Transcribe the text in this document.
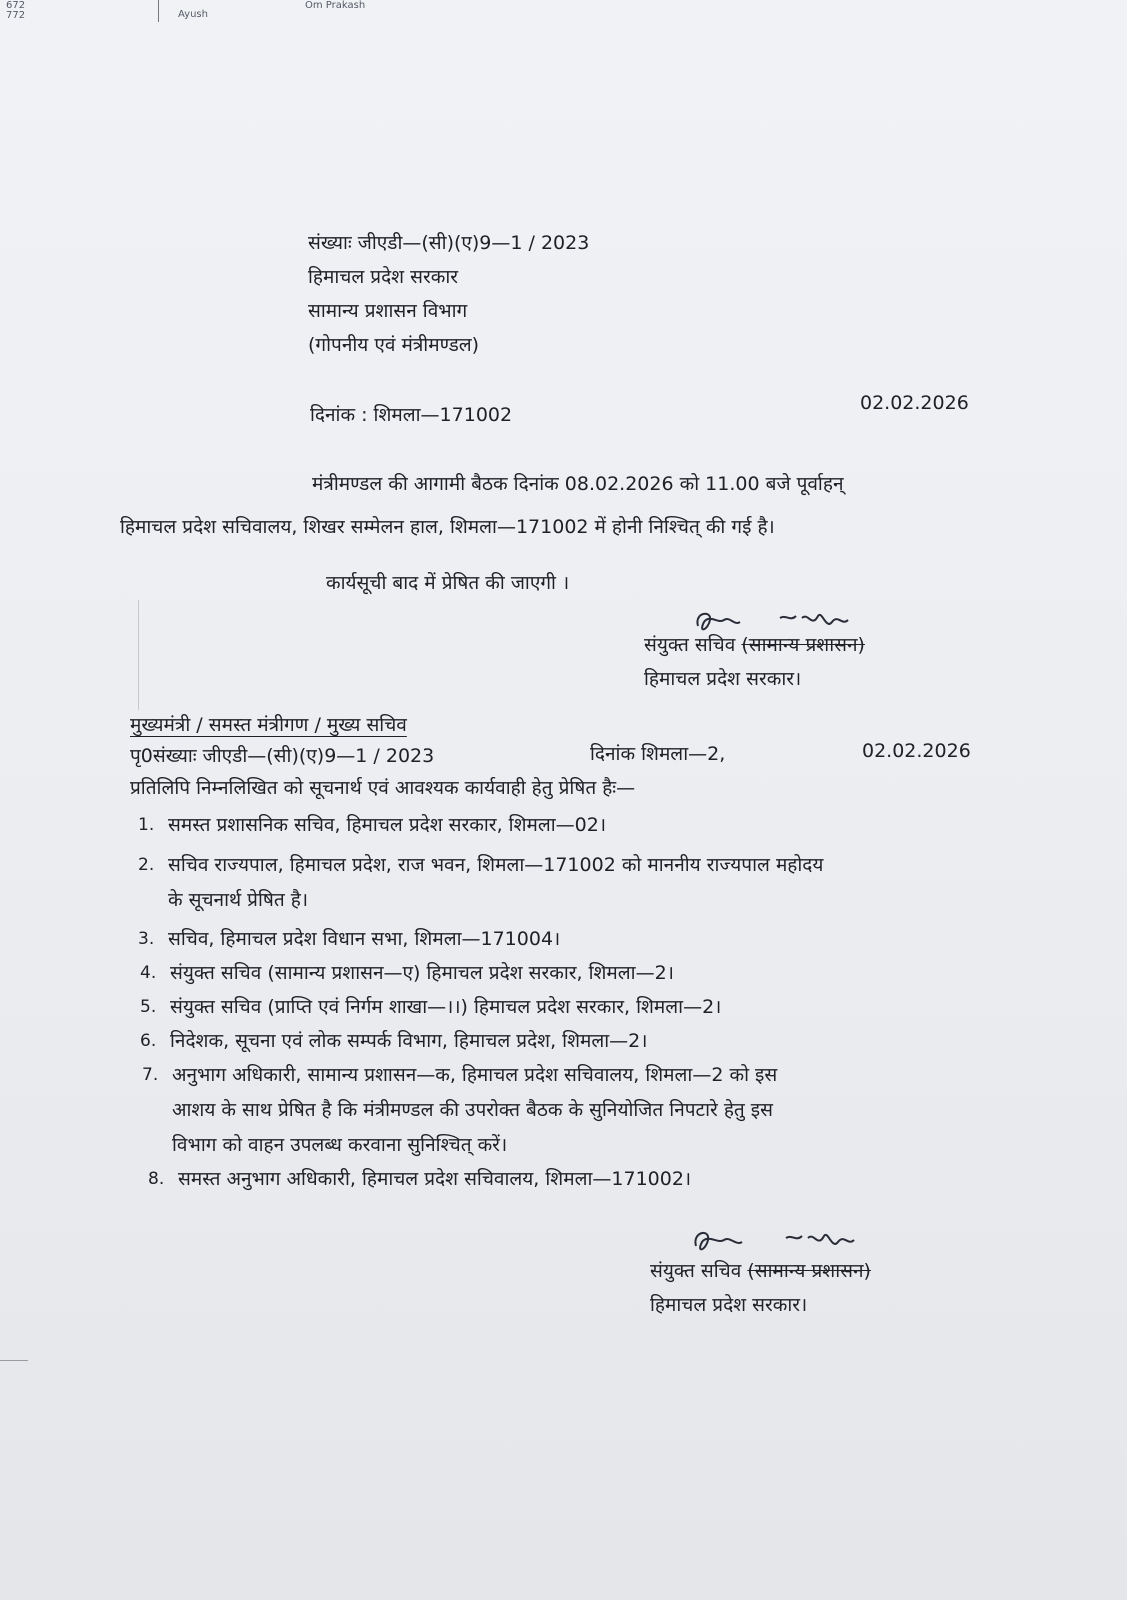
672
772	Ayush
Om Prakash
संख्याः जीएडी—(सी)(ए)9—1 / 2023
हिमाचल प्रदेश सरकार
सामान्य प्रशासन विभाग
(गोपनीय एवं मंत्रीमण्डल)
दिनांक : शिमला—171002
02.02.2026
मंत्रीमण्डल की आगामी बैठक दिनांक 08.02.2026 को 11.00 बजे पूर्वाहन्
हिमाचल प्रदेश सचिवालय, शिखर सम्मेलन हाल, शिमला—171002 में होनी निश्चित् की गई है।
कार्यसूची बाद में प्रेषित की जाएगी ।
संयुक्त सचिव (सामान्य प्रशासन)
हिमाचल प्रदेश सरकार।
मुख्यमंत्री / समस्त मंत्रीगण / मुख्य सचिव
पृ0संख्याः जीएडी—(सी)(ए)9—1 / 2023	दिनांक शिमला—2,	02.02.2026
प्रतिलिपि निम्नलिखित को सूचनार्थ एवं आवश्यक कार्यवाही हेतु प्रेषित हैः—
1. समस्त प्रशासनिक सचिव, हिमाचल प्रदेश सरकार, शिमला—02।
2. सचिव राज्यपाल, हिमाचल प्रदेश, राज भवन, शिमला—171002 को माननीय राज्यपाल महोदय
के सूचनार्थ प्रेषित है।
3. सचिव, हिमाचल प्रदेश विधान सभा, शिमला—171004।
4. संयुक्त सचिव (सामान्य प्रशासन—ए) हिमाचल प्रदेश सरकार, शिमला—2।
5. संयुक्त सचिव (प्राप्ति एवं निर्गम शाखा—।।) हिमाचल प्रदेश सरकार, शिमला—2।
6. निदेशक, सूचना एवं लोक सम्पर्क विभाग, हिमाचल प्रदेश, शिमला—2।
7. अनुभाग अधिकारी, सामान्य प्रशासन—क, हिमाचल प्रदेश सचिवालय, शिमला—2 को इस
आशय के साथ प्रेषित है कि मंत्रीमण्डल की उपरोक्त बैठक के सुनियोजित निपटारे हेतु इस
विभाग को वाहन उपलब्ध करवाना सुनिश्चित् करें।
8. समस्त अनुभाग अधिकारी, हिमाचल प्रदेश सचिवालय, शिमला—171002।
संयुक्त सचिव (सामान्य प्रशासन)
हिमाचल प्रदेश सरकार।
